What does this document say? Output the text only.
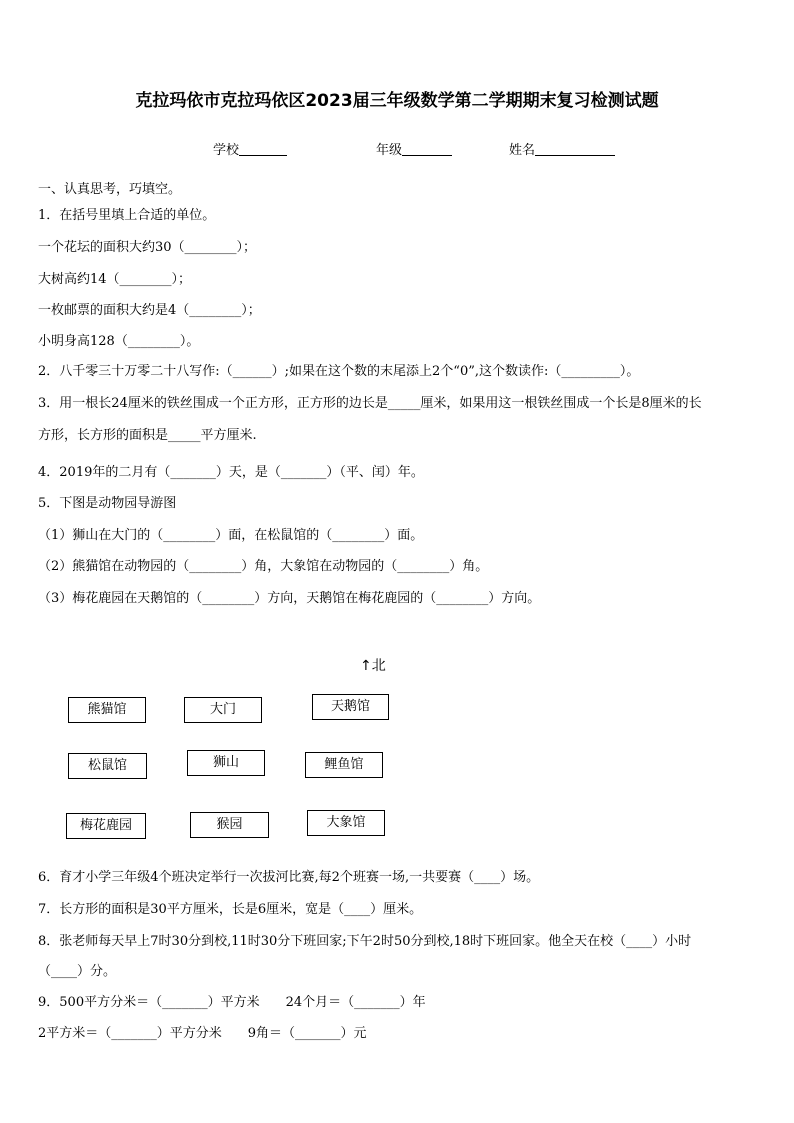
克拉玛依市克拉玛依区2023届三年级数学第二学期期末复习检测试题
学校	年级	姓名
一、认真思考，巧填空。
1．在括号里填上合适的单位。
一个花坛的面积大约30（________）；
大树高约14（________）；
一枚邮票的面积大约是4（________）；
小明身高128（________）。
2．八千零三十万零二十八写作:（______）;如果在这个数的末尾添上2个“0”,这个数读作:（_________）。
3．用一根长24厘米的铁丝围成一个正方形，正方形的边长是_____厘米，如果用这一根铁丝围成一个长是8厘米的长
方形，长方形的面积是_____平方厘米.
4．2019年的二月有（_______）天，是（_______）（平、闰）年。
5．下图是动物园导游图
（1）狮山在大门的（________）面，在松鼠馆的（________）面。
（2）熊猫馆在动物园的（________）角，大象馆在动物园的（________）角。
（3）梅花鹿园在天鹅馆的（________）方向，天鹅馆在梅花鹿园的（________）方向。
↑北
熊猫馆	大门	天鹅馆
松鼠馆	狮山	鲤鱼馆
梅花鹿园	猴园	大象馆
6．育才小学三年级4个班决定举行一次拔河比赛,每2个班赛一场,一共要赛（____）场。
7．长方形的面积是30平方厘米，长是6厘米，宽是（____）厘米。
8．张老师每天早上7时30分到校,11时30分下班回家;下午2时50分到校,18时下班回家。他全天在校（____）小时
（____）分。
9．500平方分米＝（_______）平方米　　24个月＝（_______）年
2平方米＝（_______）平方分米　　9角＝（_______）元
